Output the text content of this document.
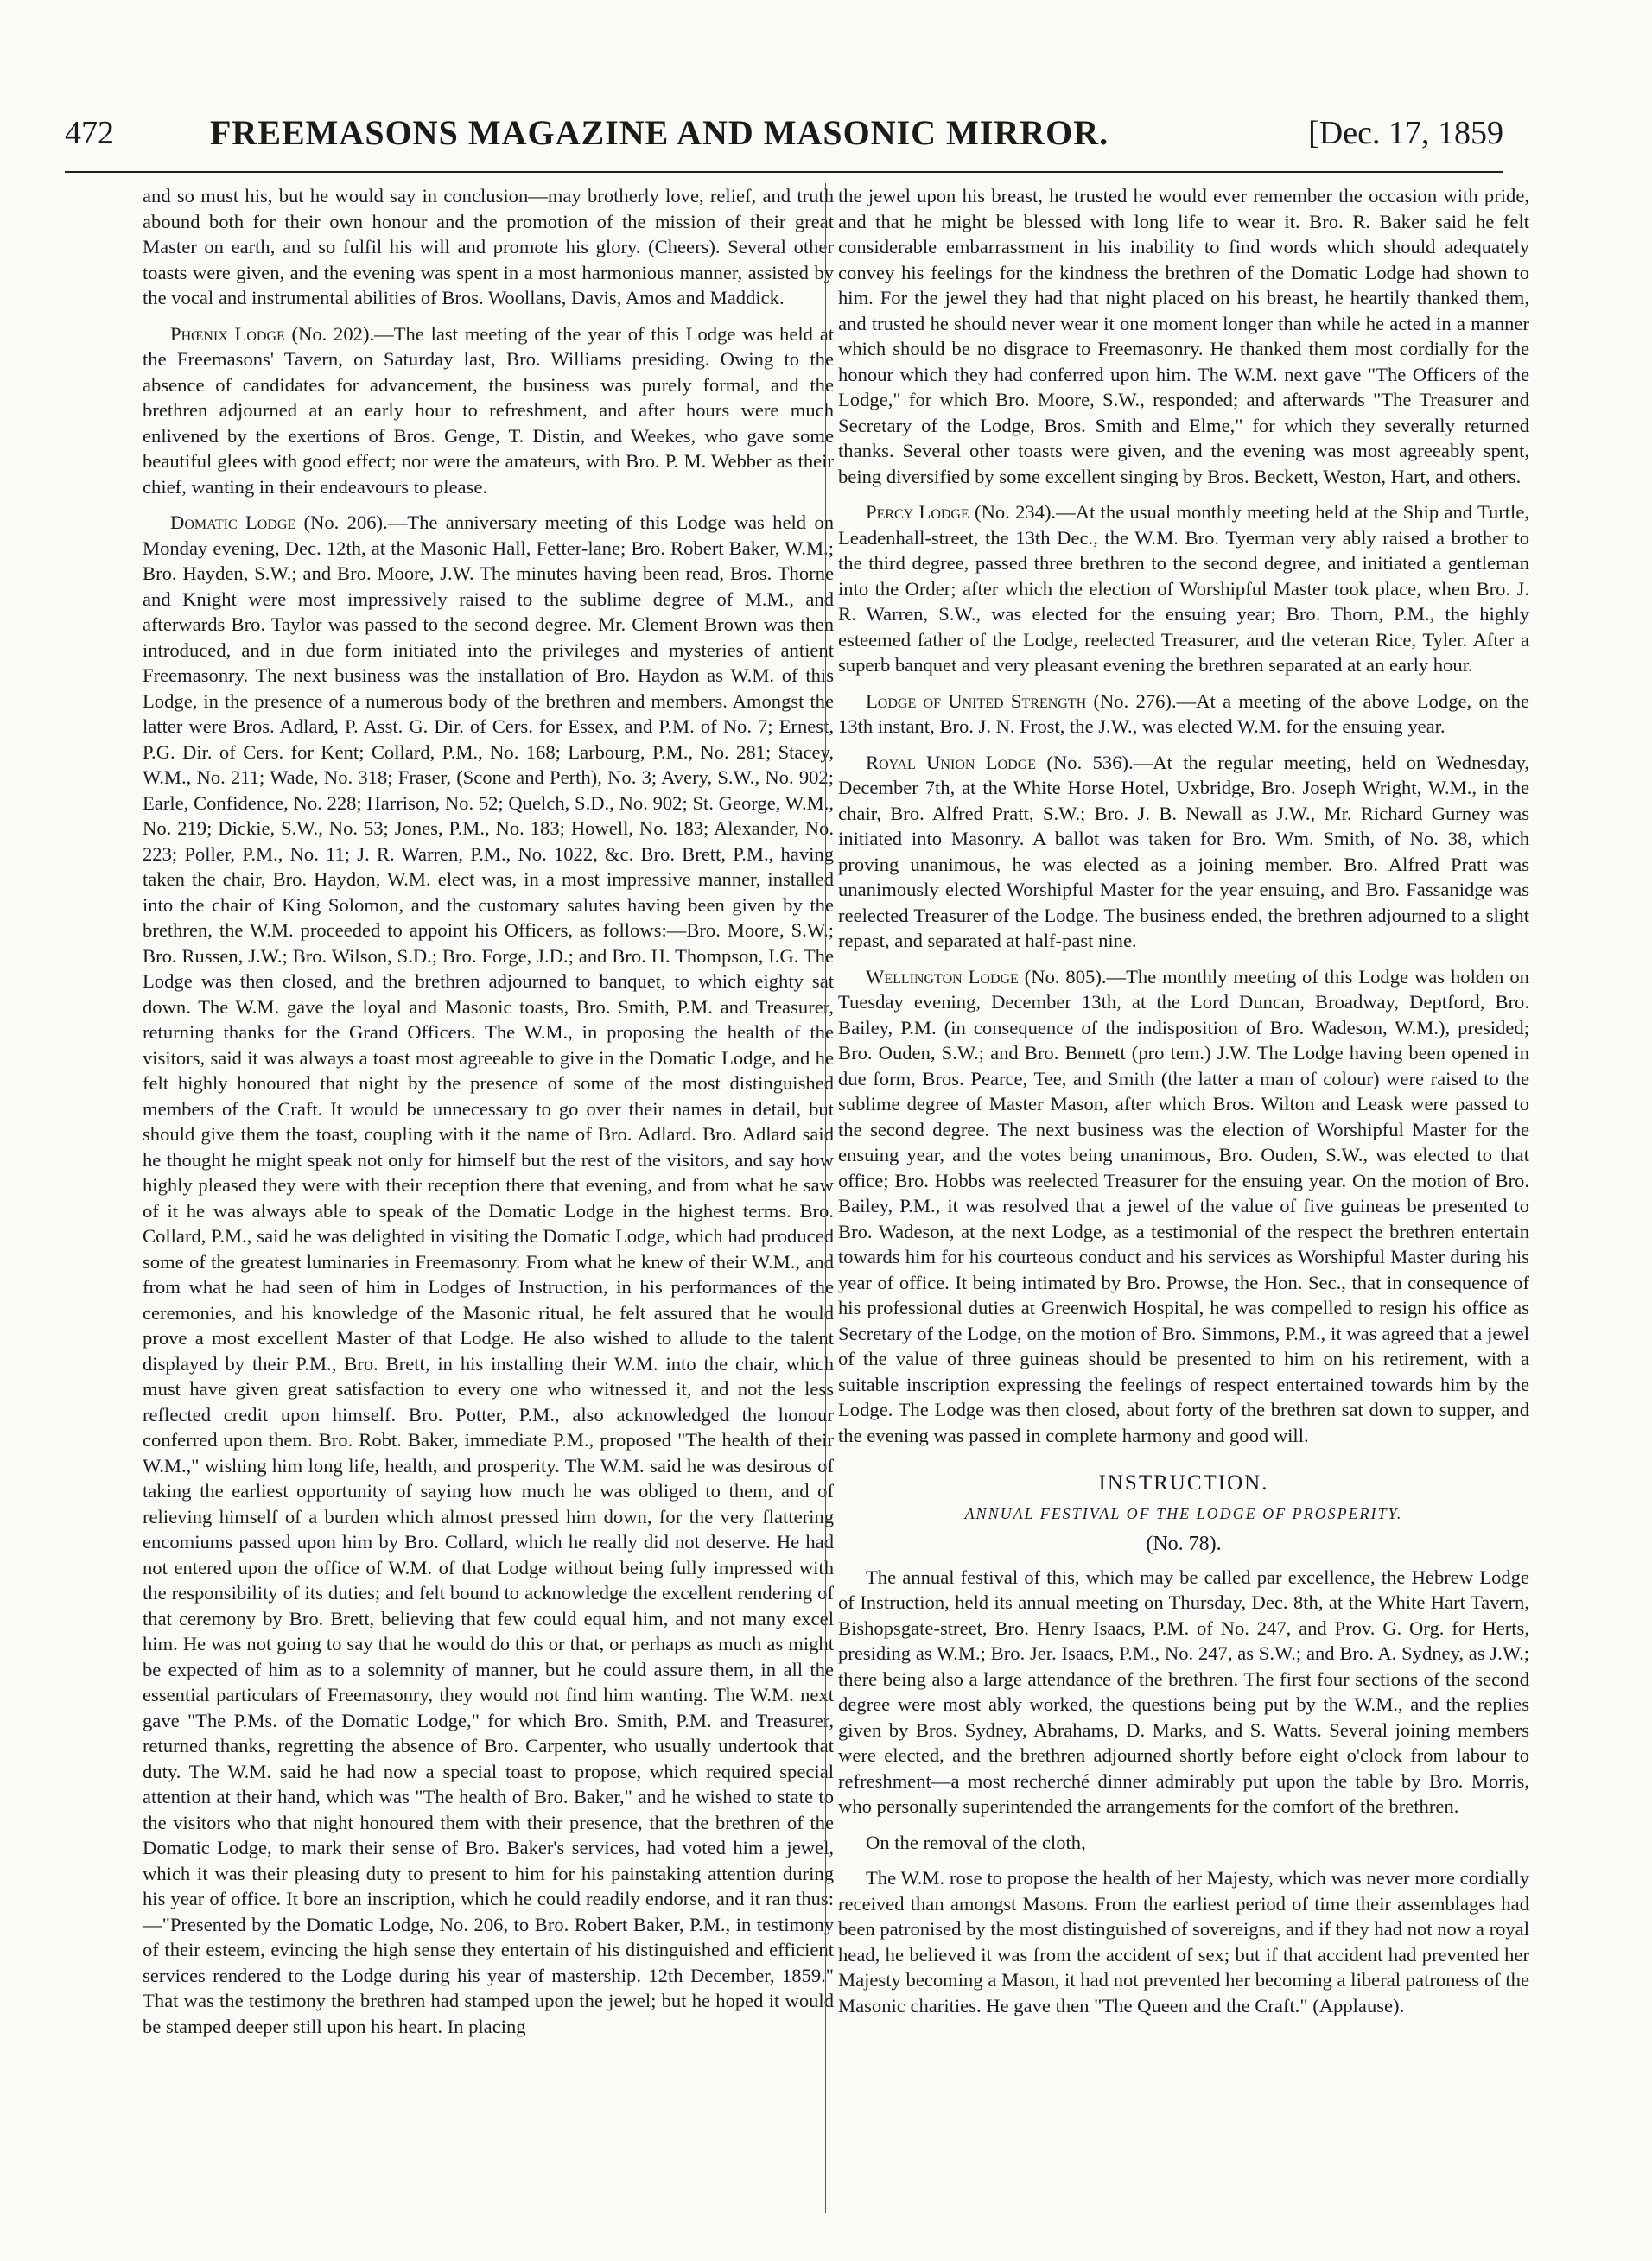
472	FREEMASONS MAGAZINE AND MASONIC MIRROR.	[Dec. 17, 1859

and so must his, but he would say in conclusion—may brotherly love, relief, and truth abound both for their own honour and the promotion of the mission of their great Master on earth, and so fulfil his will and promote his glory. (Cheers). Several other toasts were given, and the evening was spent in a most harmonious manner, assisted by the vocal and instrumental abilities of Bros. Woollans, Davis, Amos and Maddick.

Phœnix Lodge (No. 202).—The last meeting of the year of this Lodge was held at the Freemasons' Tavern, on Saturday last, Bro. Williams presiding. Owing to the absence of candidates for advancement, the business was purely formal, and the brethren adjourned at an early hour to refreshment, and after hours were much enlivened by the exertions of Bros. Genge, T. Distin, and Weekes, who gave some beautiful glees with good effect; nor were the amateurs, with Bro. P. M. Webber as their chief, wanting in their endeavours to please.

Domatic Lodge (No. 206).—The anniversary meeting of this Lodge was held on Monday evening, Dec. 12th, at the Masonic Hall, Fetter-lane; Bro. Robert Baker, W.M.; Bro. Hayden, S.W.; and Bro. Moore, J.W. The minutes having been read, Bros. Thorne and Knight were most impressively raised to the sublime degree of M.M., and afterwards Bro. Taylor was passed to the second degree. Mr. Clement Brown was then introduced, and in due form initiated into the privileges and mysteries of antient Freemasonry. The next business was the installation of Bro. Haydon as W.M. of this Lodge, in the presence of a numerous body of the brethren and members. Amongst the latter were Bros. Adlard, P. Asst. G. Dir. of Cers. for Essex, and P.M. of No. 7; Ernest, P.G. Dir. of Cers. for Kent; Collard, P.M., No. 168; Larbourg, P.M., No. 281; Stacey, W.M., No. 211; Wade, No. 318; Fraser, (Scone and Perth), No. 3; Avery, S.W., No. 902; Earle, Confidence, No. 228; Harrison, No. 52; Quelch, S.D., No. 902; St. George, W.M., No. 219; Dickie, S.W., No. 53; Jones, P.M., No. 183; Howell, No. 183; Alexander, No. 223; Poller, P.M., No. 11; J. R. Warren, P.M., No. 1022, &c. Bro. Brett, P.M., having taken the chair, Bro. Haydon, W.M. elect was, in a most impressive manner, installed into the chair of King Solomon, and the customary salutes having been given by the brethren, the W.M. proceeded to appoint his Officers, as follows:—Bro. Moore, S.W.; Bro. Russen, J.W.; Bro. Wilson, S.D.; Bro. Forge, J.D.; and Bro. H. Thompson, I.G. The Lodge was then closed, and the brethren adjourned to banquet, to which eighty sat down. The W.M. gave the loyal and Masonic toasts, Bro. Smith, P.M. and Treasurer, returning thanks for the Grand Officers. The W.M., in proposing the health of the visitors, said it was always a toast most agreeable to give in the Domatic Lodge, and he felt highly honoured that night by the presence of some of the most distinguished members of the Craft. It would be unnecessary to go over their names in detail, but should give them the toast, coupling with it the name of Bro. Adlard. Bro. Adlard said he thought he might speak not only for himself but the rest of the visitors, and say how highly pleased they were with their reception there that evening, and from what he saw of it he was always able to speak of the Domatic Lodge in the highest terms. Bro. Collard, P.M., said he was delighted in visiting the Domatic Lodge, which had produced some of the greatest luminaries in Freemasonry. From what he knew of their W.M., and from what he had seen of him in Lodges of Instruction, in his performances of the ceremonies, and his knowledge of the Masonic ritual, he felt assured that he would prove a most excellent Master of that Lodge. He also wished to allude to the talent displayed by their P.M., Bro. Brett, in his installing their W.M. into the chair, which must have given great satisfaction to every one who witnessed it, and not the less reflected credit upon himself. Bro. Potter, P.M., also acknowledged the honour conferred upon them. Bro. Robt. Baker, immediate P.M., proposed "The health of their W.M.," wishing him long life, health, and prosperity. The W.M. said he was desirous of taking the earliest opportunity of saying how much he was obliged to them, and of relieving himself of a burden which almost pressed him down, for the very flattering encomiums passed upon him by Bro. Collard, which he really did not deserve. He had not entered upon the office of W.M. of that Lodge without being fully impressed with the responsibility of its duties; and felt bound to acknowledge the excellent rendering of that ceremony by Bro. Brett, believing that few could equal him, and not many excel him. He was not going to say that he would do this or that, or perhaps as much as might be expected of him as to a solemnity of manner, but he could assure them, in all the essential particulars of Freemasonry, they would not find him wanting. The W.M. next gave "The P.Ms. of the Domatic Lodge," for which Bro. Smith, P.M. and Treasurer, returned thanks, regretting the absence of Bro. Carpenter, who usually undertook that duty. The W.M. said he had now a special toast to propose, which required special attention at their hand, which was "The health of Bro. Baker," and he wished to state to the visitors who that night honoured them with their presence, that the brethren of the Domatic Lodge, to mark their sense of Bro. Baker's services, had voted him a jewel, which it was their pleasing duty to present to him for his painstaking attention during his year of office. It bore an inscription, which he could readily endorse, and it ran thus:—"Presented by the Domatic Lodge, No. 206, to Bro. Robert Baker, P.M., in testimony of their esteem, evincing the high sense they entertain of his distinguished and efficient services rendered to the Lodge during his year of mastership. 12th December, 1859." That was the testimony the brethren had stamped upon the jewel; but he hoped it would be stamped deeper still upon his heart. In placing

the jewel upon his breast, he trusted he would ever remember the occasion with pride, and that he might be blessed with long life to wear it. Bro. R. Baker said he felt considerable embarrassment in his inability to find words which should adequately convey his feelings for the kindness the brethren of the Domatic Lodge had shown to him. For the jewel they had that night placed on his breast, he heartily thanked them, and trusted he should never wear it one moment longer than while he acted in a manner which should be no disgrace to Freemasonry. He thanked them most cordially for the honour which they had conferred upon him. The W.M. next gave "The Officers of the Lodge," for which Bro. Moore, S.W., responded; and afterwards "The Treasurer and Secretary of the Lodge, Bros. Smith and Elme," for which they severally returned thanks. Several other toasts were given, and the evening was most agreeably spent, being diversified by some excellent singing by Bros. Beckett, Weston, Hart, and others.

Percy Lodge (No. 234).—At the usual monthly meeting held at the Ship and Turtle, Leadenhall-street, the 13th Dec., the W.M. Bro. Tyerman very ably raised a brother to the third degree, passed three brethren to the second degree, and initiated a gentleman into the Order; after which the election of Worshipful Master took place, when Bro. J. R. Warren, S.W., was elected for the ensuing year; Bro. Thorn, P.M., the highly esteemed father of the Lodge, reelected Treasurer, and the veteran Rice, Tyler. After a superb banquet and very pleasant evening the brethren separated at an early hour.

Lodge of United Strength (No. 276).—At a meeting of the above Lodge, on the 13th instant, Bro. J. N. Frost, the J.W., was elected W.M. for the ensuing year.

Royal Union Lodge (No. 536).—At the regular meeting, held on Wednesday, December 7th, at the White Horse Hotel, Uxbridge, Bro. Joseph Wright, W.M., in the chair, Bro. Alfred Pratt, S.W.; Bro. J. B. Newall as J.W., Mr. Richard Gurney was initiated into Masonry. A ballot was taken for Bro. Wm. Smith, of No. 38, which proving unanimous, he was elected as a joining member. Bro. Alfred Pratt was unanimously elected Worshipful Master for the year ensuing, and Bro. Fassanidge was reelected Treasurer of the Lodge. The business ended, the brethren adjourned to a slight repast, and separated at half-past nine.

Wellington Lodge (No. 805).—The monthly meeting of this Lodge was holden on Tuesday evening, December 13th, at the Lord Duncan, Broadway, Deptford, Bro. Bailey, P.M. (in consequence of the indisposition of Bro. Wadeson, W.M.), presided; Bro. Ouden, S.W.; and Bro. Bennett (pro tem.) J.W. The Lodge having been opened in due form, Bros. Pearce, Tee, and Smith (the latter a man of colour) were raised to the sublime degree of Master Mason, after which Bros. Wilton and Leask were passed to the second degree. The next business was the election of Worshipful Master for the ensuing year, and the votes being unanimous, Bro. Ouden, S.W., was elected to that office; Bro. Hobbs was reelected Treasurer for the ensuing year. On the motion of Bro. Bailey, P.M., it was resolved that a jewel of the value of five guineas be presented to Bro. Wadeson, at the next Lodge, as a testimonial of the respect the brethren entertain towards him for his courteous conduct and his services as Worshipful Master during his year of office. It being intimated by Bro. Prowse, the Hon. Sec., that in consequence of his professional duties at Greenwich Hospital, he was compelled to resign his office as Secretary of the Lodge, on the motion of Bro. Simmons, P.M., it was agreed that a jewel of the value of three guineas should be presented to him on his retirement, with a suitable inscription expressing the feelings of respect entertained towards him by the Lodge. The Lodge was then closed, about forty of the brethren sat down to supper, and the evening was passed in complete harmony and good will.

INSTRUCTION.
ANNUAL FESTIVAL OF THE LODGE OF PROSPERITY.
(No. 78).

The annual festival of this, which may be called par excellence, the Hebrew Lodge of Instruction, held its annual meeting on Thursday, Dec. 8th, at the White Hart Tavern, Bishopsgate-street, Bro. Henry Isaacs, P.M. of No. 247, and Prov. G. Org. for Herts, presiding as W.M.; Bro. Jer. Isaacs, P.M., No. 247, as S.W.; and Bro. A. Sydney, as J.W.; there being also a large attendance of the brethren. The first four sections of the second degree were most ably worked, the questions being put by the W.M., and the replies given by Bros. Sydney, Abrahams, D. Marks, and S. Watts. Several joining members were elected, and the brethren adjourned shortly before eight o'clock from labour to refreshment—a most recherché dinner admirably put upon the table by Bro. Morris, who personally superintended the arrangements for the comfort of the brethren.

On the removal of the cloth,

The W.M. rose to propose the health of her Majesty, which was never more cordially received than amongst Masons. From the earliest period of time their assemblages had been patronised by the most distinguished of sovereigns, and if they had not now a royal head, he believed it was from the accident of sex; but if that accident had prevented her Majesty becoming a Mason, it had not prevented her becoming a liberal patroness of the Masonic charities. He gave then "The Queen and the Craft." (Applause).
